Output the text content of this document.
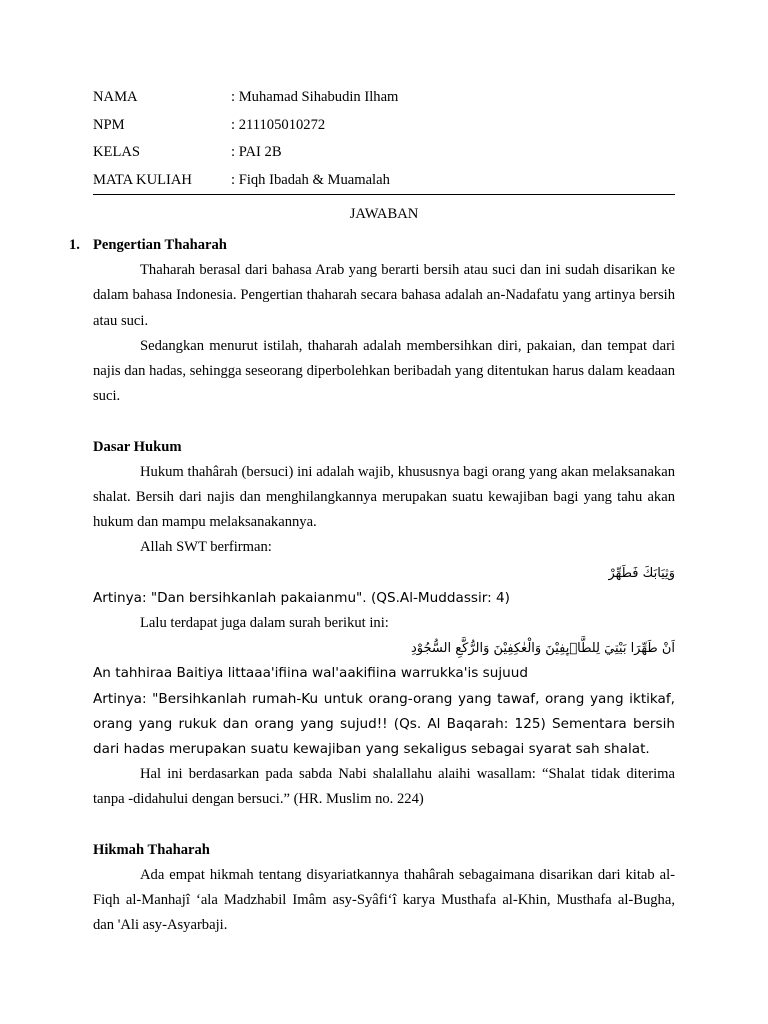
NAMA	: Muhamad Sihabudin Ilham
NPM	: 211105010272
KELAS	: PAI 2B
MATA KULIAH	: Fiqh Ibadah & Muamalah
JAWABAN
1. Pengertian Thaharah

Thaharah berasal dari bahasa Arab yang berarti bersih atau suci dan ini sudah disarikan ke dalam bahasa Indonesia. Pengertian thaharah secara bahasa adalah an-Nadafatu yang artinya bersih atau suci.

Sedangkan menurut istilah, thaharah adalah membersihkan diri, pakaian, dan tempat dari najis dan hadas, sehingga seseorang diperbolehkan beribadah yang ditentukan harus dalam keadaan suci.

Dasar Hukum

Hukum thahârah (bersuci) ini adalah wajib, khususnya bagi orang yang akan melaksanakan shalat. Bersih dari najis dan menghilangkannya merupakan suatu kewajiban bagi yang tahu akan hukum dan mampu melaksanakannya.

Allah SWT berfirman:

وَثِيَابَكَ فَطَهِّرْ

Artinya: "Dan bersihkanlah pakaianmu". (QS.Al-Muddassir: 4)

Lalu terdapat juga dalam surah berikut ini:

اَنْ طَهِّرَا بَيْتِيَ لِلطَّاۤىِٕفِيْنَ وَالْعٰكِفِيْنَ وَالرُّكَّعِ السُّجُوْدِ

An tahhiraa Baitiya littaaa'ifiina wal'aakifiina warrukka'is sujuud

Artinya: "Bersihkanlah rumah-Ku untuk orang-orang yang tawaf, orang yang iktikaf, orang yang rukuk dan orang yang sujud!! (Qs. Al Baqarah: 125) Sementara bersih dari hadas merupakan suatu kewajiban yang sekaligus sebagai syarat sah shalat.

Hal ini berdasarkan pada sabda Nabi shalallahu alaihi wasallam: “Shalat tidak diterima tanpa -didahului dengan bersuci.” (HR. Muslim no. 224)

Hikmah Thaharah

Ada empat hikmah tentang disyariatkannya thahârah sebagaimana disarikan dari kitab al-Fiqh al-Manhajî ‘ala Madzhabil Imâm asy-Syâfi‘î karya Musthafa al-Khin, Musthafa al-Bugha, dan 'Ali asy-Asyarbaji.
